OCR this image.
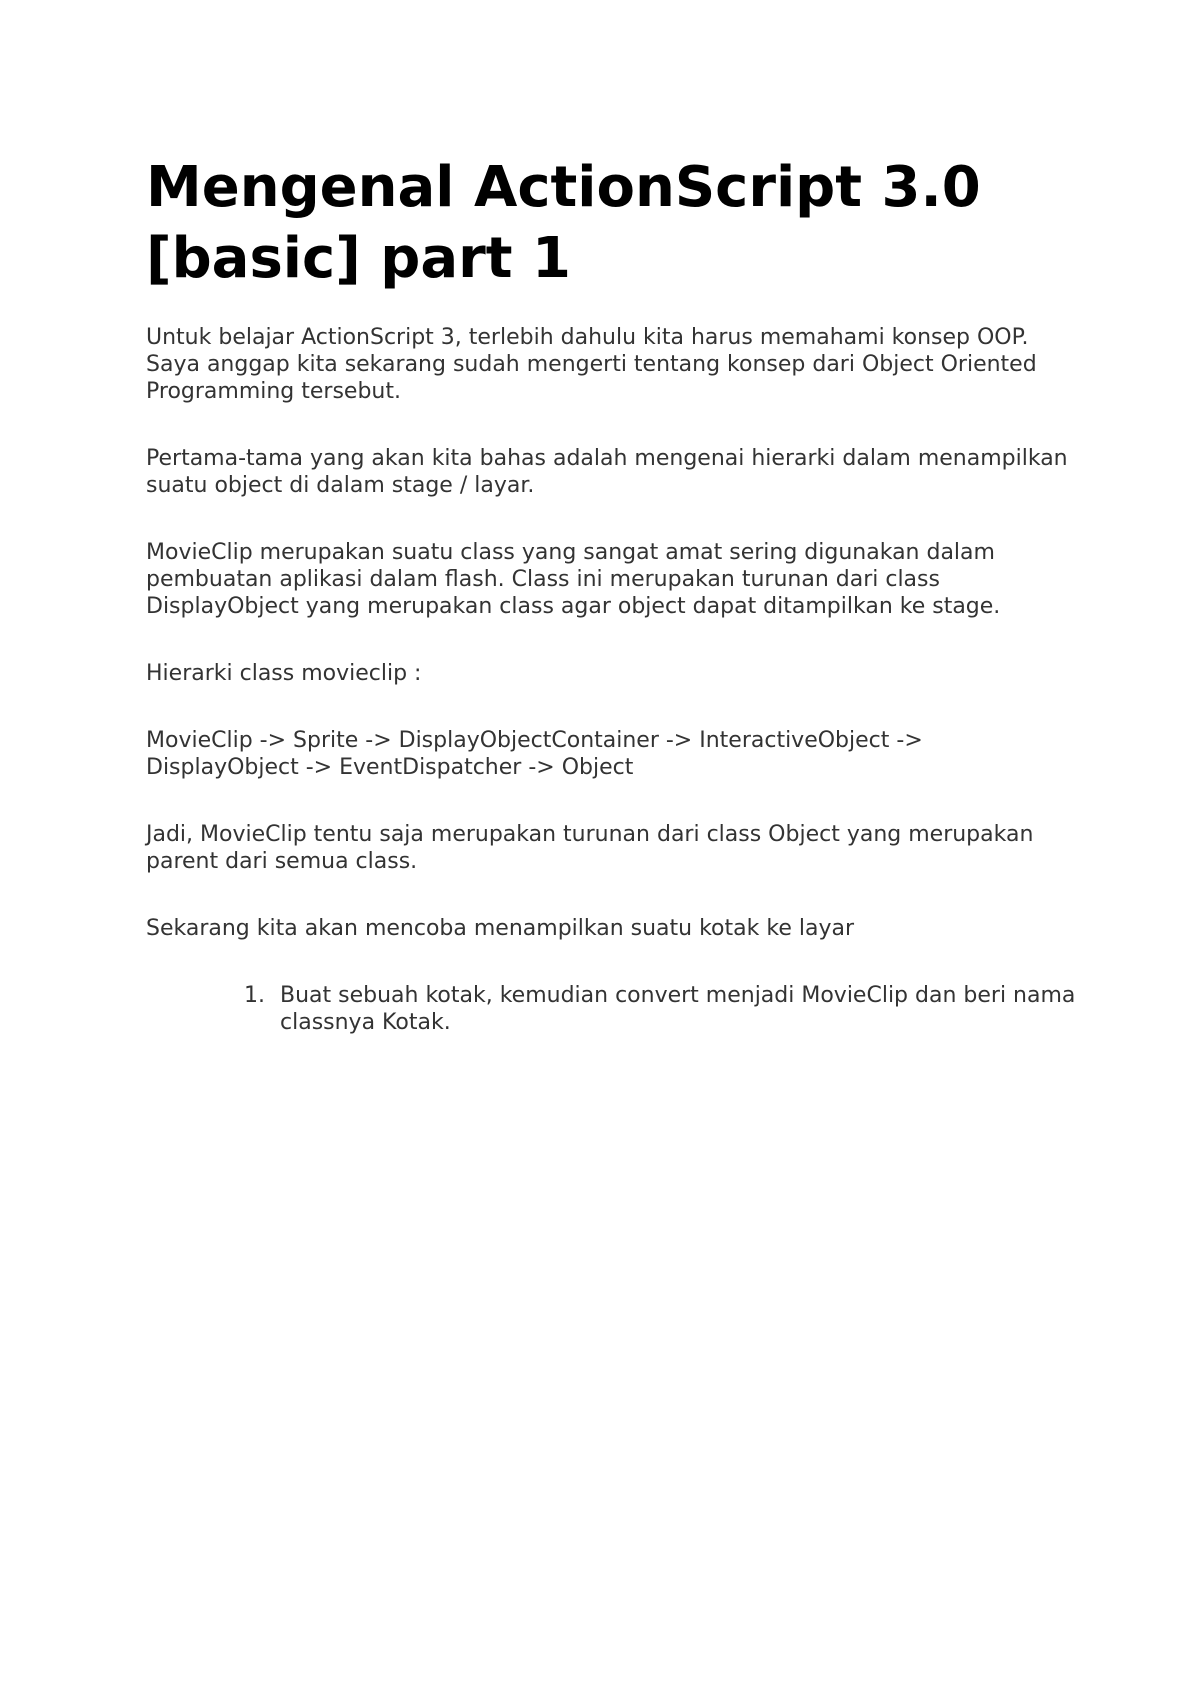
Mengenal ActionScript 3.0 [basic] part 1

Untuk belajar ActionScript 3, terlebih dahulu kita harus memahami konsep OOP. Saya anggap kita sekarang sudah mengerti tentang konsep dari Object Oriented Programming tersebut.

Pertama-tama yang akan kita bahas adalah mengenai hierarki dalam menampilkan suatu object di dalam stage / layar.

MovieClip merupakan suatu class yang sangat amat sering digunakan dalam pembuatan aplikasi dalam flash. Class ini merupakan turunan dari class DisplayObject yang merupakan class agar object dapat ditampilkan ke stage.

Hierarki class movieclip :

MovieClip -> Sprite -> DisplayObjectContainer -> InteractiveObject -> DisplayObject -> EventDispatcher -> Object

Jadi, MovieClip tentu saja merupakan turunan dari class Object yang merupakan parent dari semua class.

Sekarang kita akan mencoba menampilkan suatu kotak ke layar

1. Buat sebuah kotak, kemudian convert menjadi MovieClip dan beri nama classnya Kotak.
